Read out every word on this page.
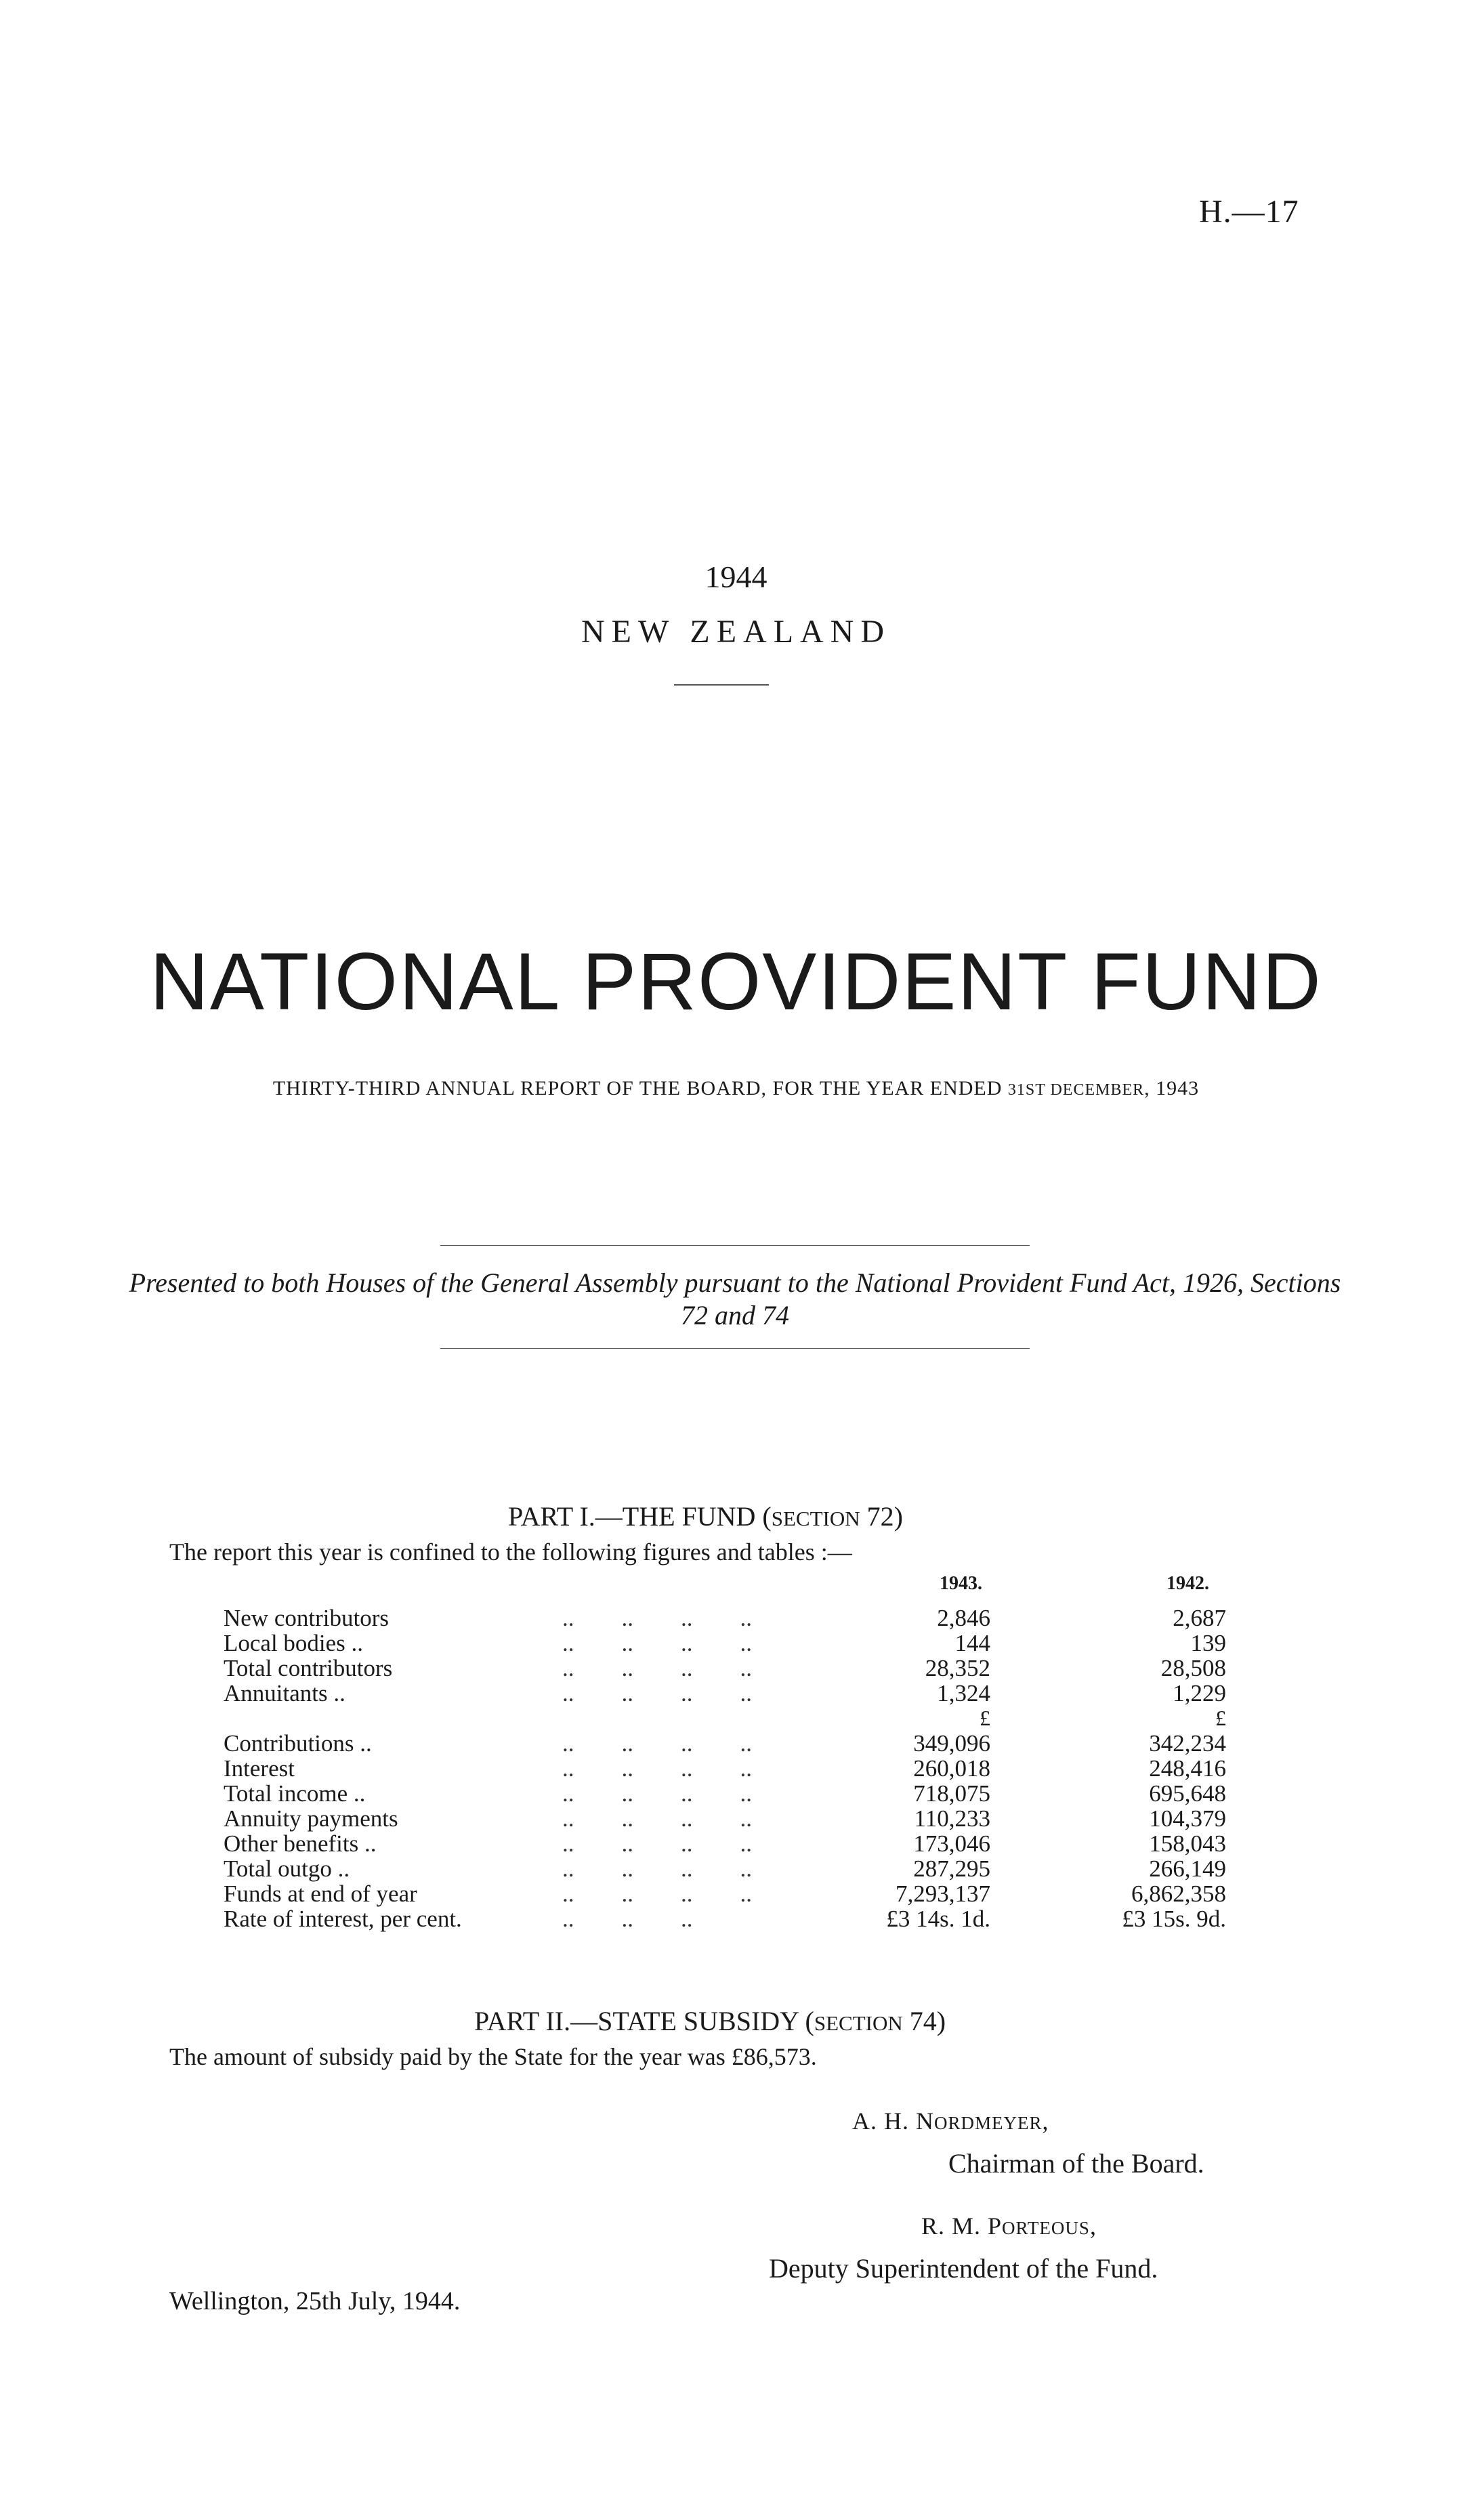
H.—17
1944
NEW ZEALAND
NATIONAL PROVIDENT FUND
THIRTY-THIRD ANNUAL REPORT OF THE BOARD, FOR THE YEAR ENDED 31ST DECEMBER, 1943
Presented to both Houses of the General Assembly pursuant to the National Provident Fund Act, 1926, Sections 72 and 74
PART I.—THE FUND (SECTION 72)
The report this year is confined to the following figures and tables :—
1943.	1942.
New contributors	..        ..        ..        ..	2,846	2,687
Local bodies ..	..        ..        ..        ..	144	139
Total contributors	..        ..        ..        ..	28,352	28,508
Annuitants ..	..        ..        ..        ..	1,324	1,229
£	£
Contributions ..	..        ..        ..        ..	349,096	342,234
Interest	..        ..        ..        ..	260,018	248,416
Total income ..	..        ..        ..        ..	718,075	695,648
Annuity payments	..        ..        ..        ..	110,233	104,379
Other benefits ..	..        ..        ..        ..	173,046	158,043
Total outgo ..	..        ..        ..        ..	287,295	266,149
Funds at end of year	..        ..        ..        ..	7,293,137	6,862,358
Rate of interest, per cent.	..        ..        ..	£3 14s. 1d.	£3 15s. 9d.
PART II.—STATE SUBSIDY (SECTION 74)
The amount of subsidy paid by the State for the year was £86,573.
A. H. NORDMEYER,
Chairman of the Board.
R. M. PORTEOUS,
Deputy Superintendent of the Fund.
Wellington, 25th July, 1944.
